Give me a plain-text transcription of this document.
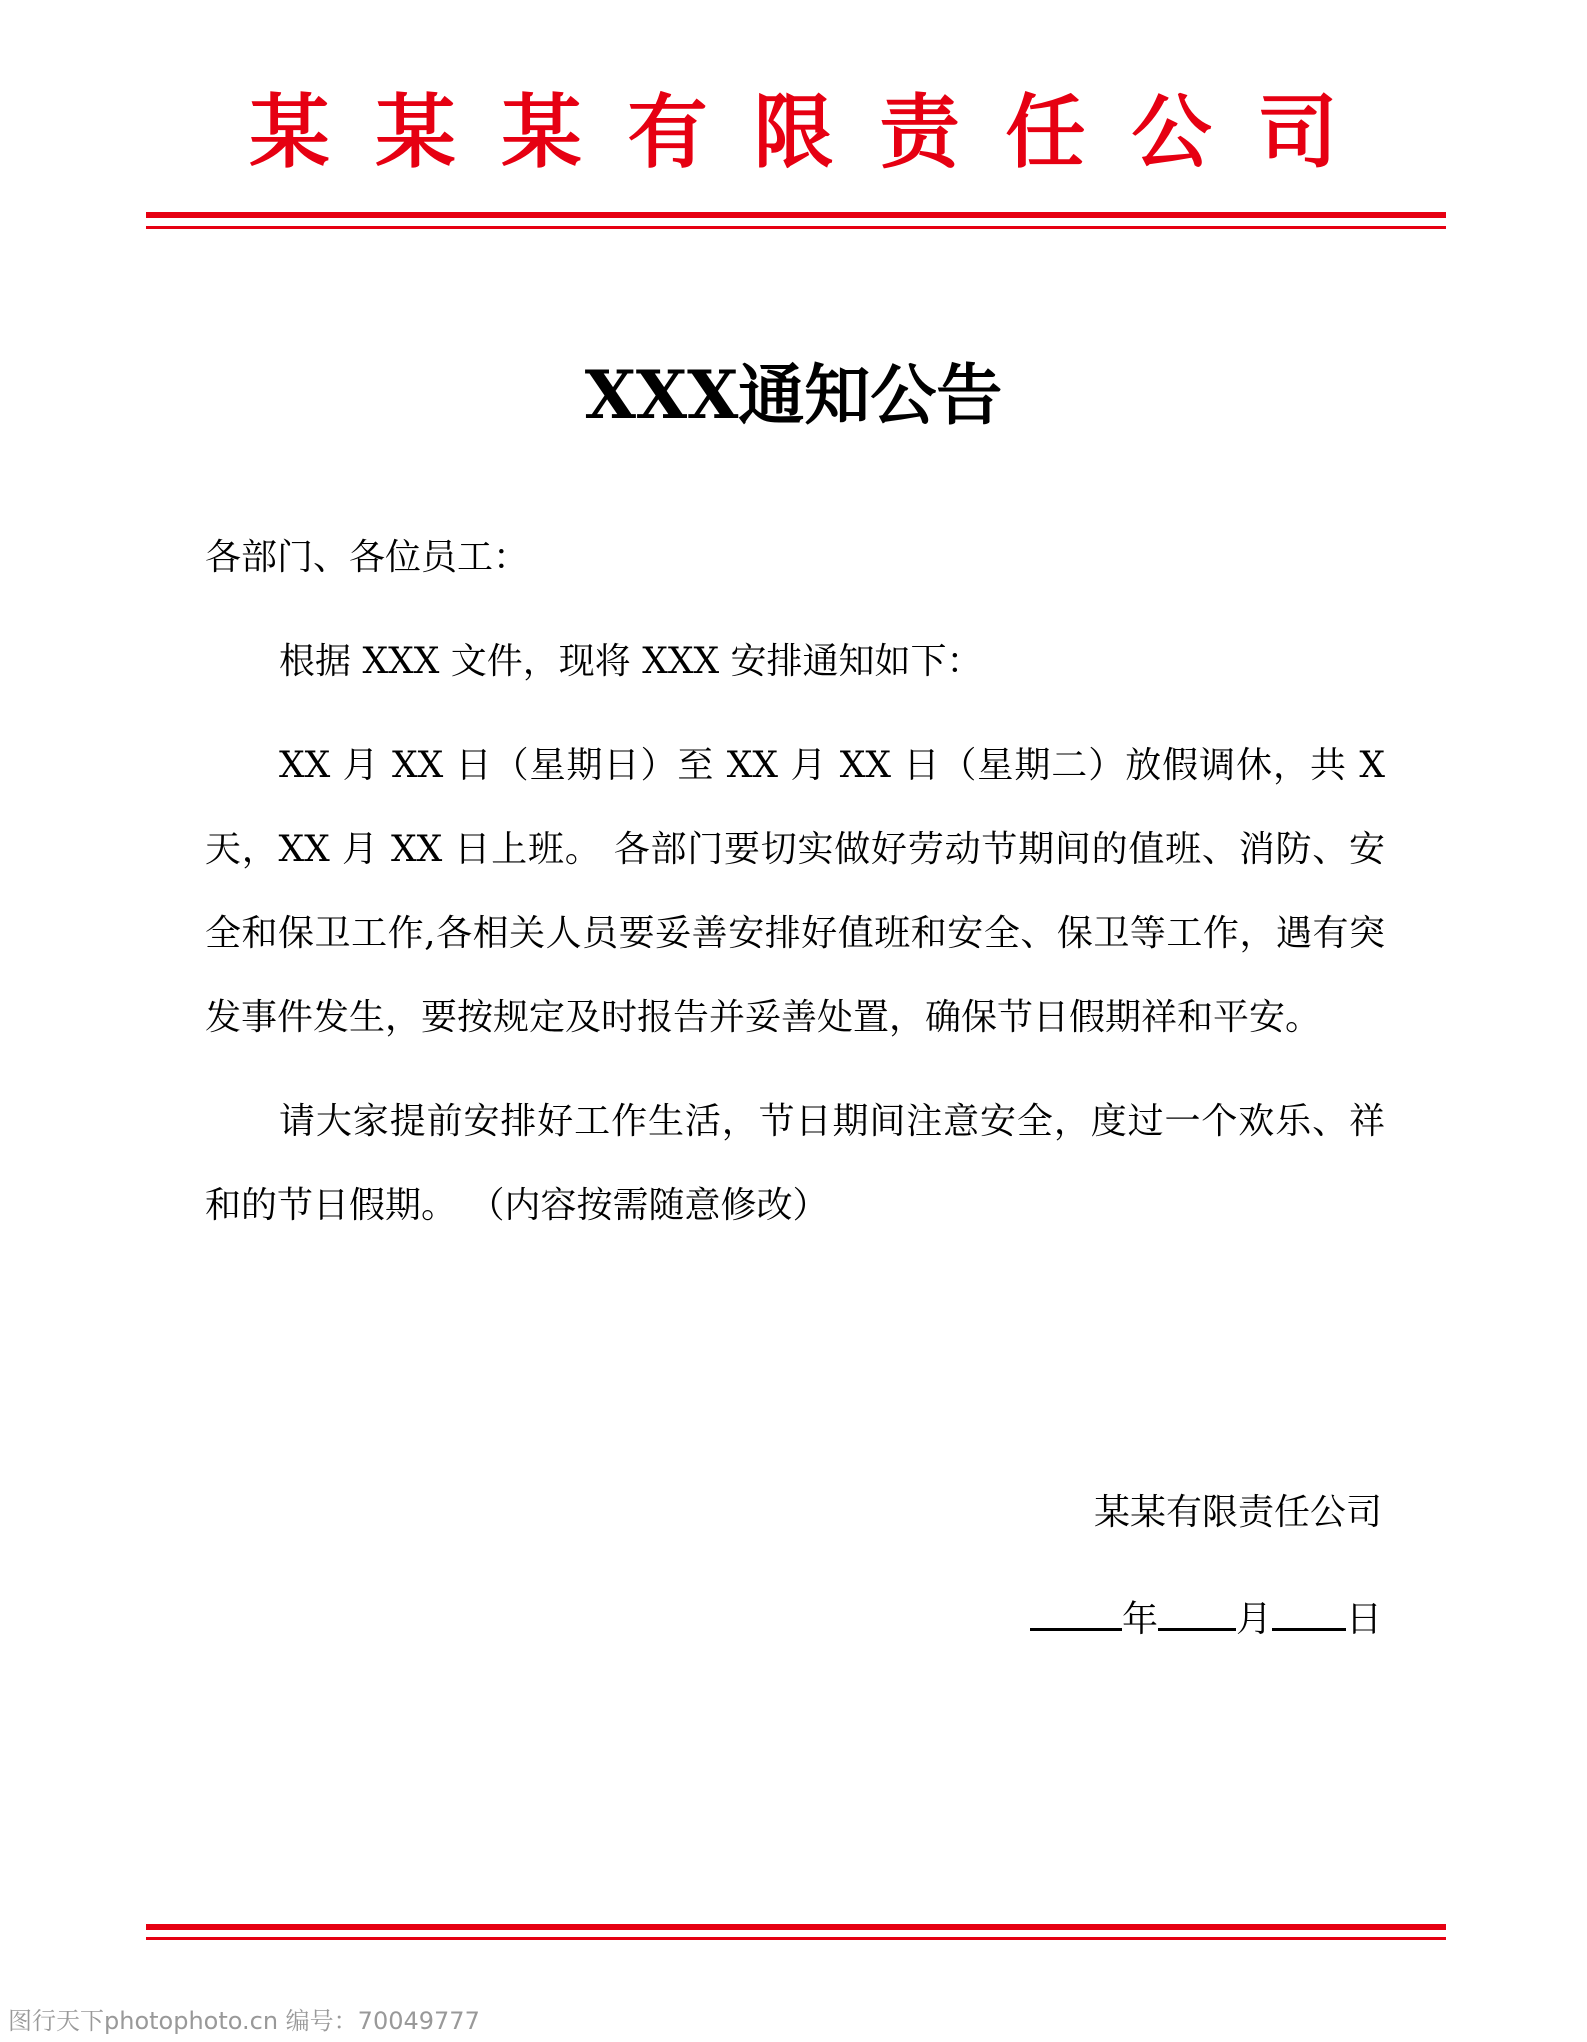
某某某有限责任公司
XXX通知公告
各部门、各位员工：
根据 XXX 文件，现将 XXX 安排通知如下：
XX 月 XX 日（星期日）至 XX 月 XX 日（星期二）放假调休，共 X 天，XX 月 XX 日上班。 各部门要切实做好劳动节期间的值班、消防、安全和保卫工作,各相关人员要妥善安排好值班和安全、保卫等工作，遇有突发事件发生，要按规定及时报告并妥善处置，确保节日假期祥和平安。
请大家提前安排好工作生活，节日期间注意安全，度过一个欢乐、祥和的节日假期。 （内容按需随意修改）
某某有限责任公司
年 月 日
图行天下photophoto.cn 编号：70049777
